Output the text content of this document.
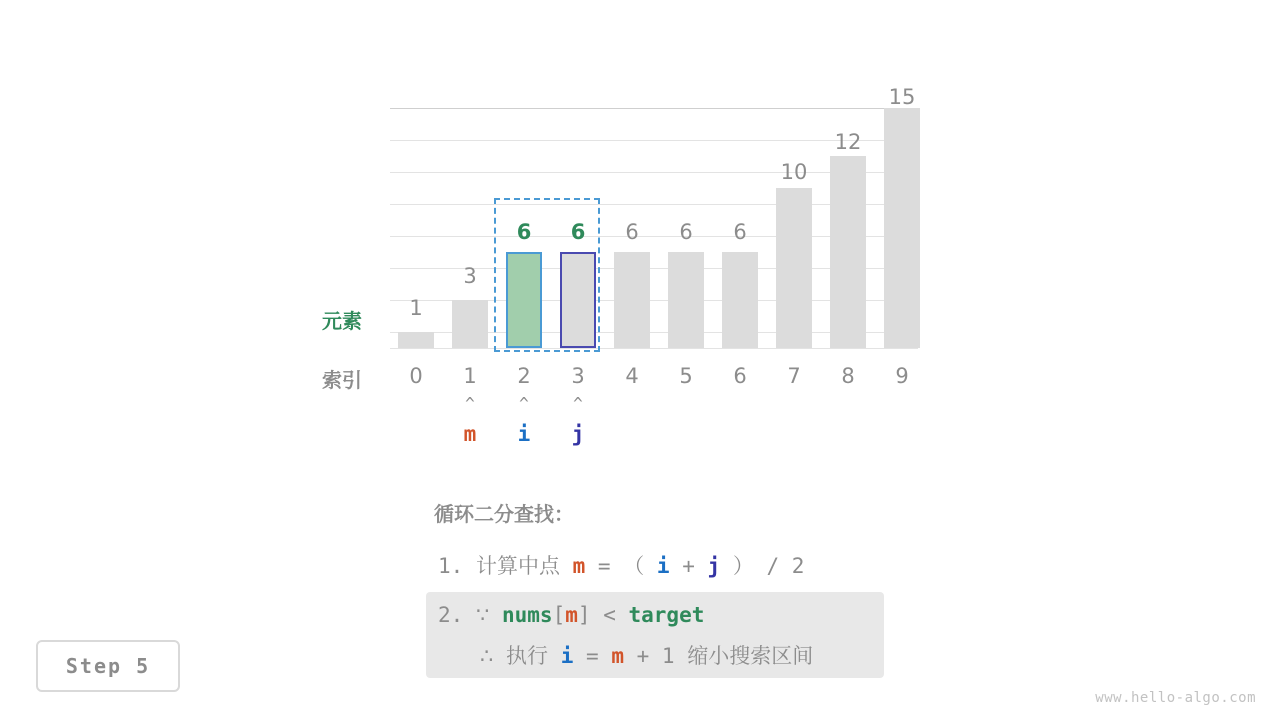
1
3
6	6	6	6	6
10
12
15
元素
索引	0	1	2	3	4	5	6	7	8	9
^	^	^
m	i	j
循环二分查找：
1. 计算中点 m = （ i + j ） / 2
2. ∵ nums[m] < target
∴ 执行 i = m + 1 缩小搜索区间
Step 5
www.hello-algo.com
